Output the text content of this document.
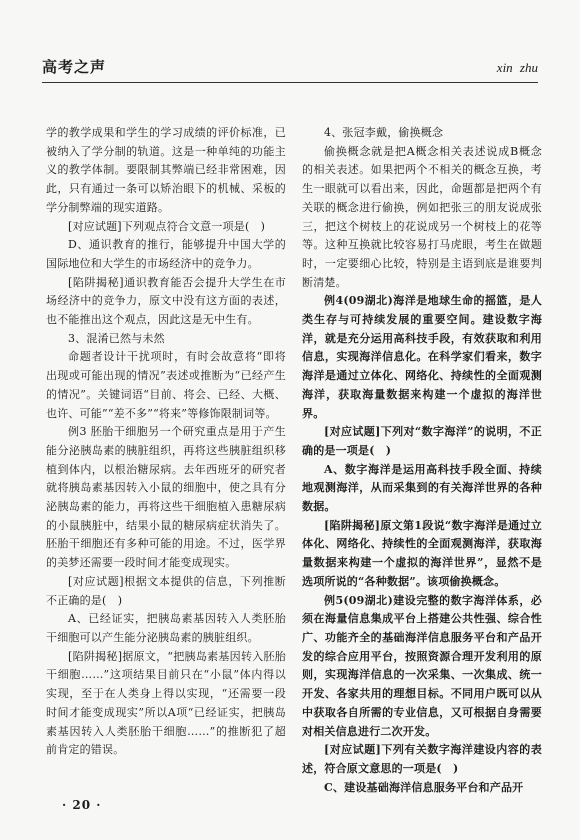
高考之声	xin zhu

学的教学成果和学生的学习成绩的评价标准，已被纳入了学分制的轨道。这是一种单纯的功能主义的教学体制。要限制其弊端已经非常困难，因此，只有通过一条可以矫治眼下的机械、采板的学分制弊端的现实道路。

[对应试题]下列观点符合文意一项是(　)

D、通识教育的推行，能够提升中国大学的国际地位和大学生的市场经济中的竞争力。

[陷阱揭秘]通识教育能否会提升大学生在市场经济中的竞争力，原文中没有这方面的表述，也不能推出这个观点，因此这是无中生有。

3、混淆已然与未然

命题者设计干扰项时，有时会故意将“即将出现或可能出现的情况”表述或推断为“已经产生的情况”。关键词语“目前、将会、已经、大概、也许、可能”“差不多”“将来”等修饰限制词等。

例3 胚胎干细胞另一个研究重点是用于产生能分泌胰岛素的胰脏组织，再将这些胰脏组织移植到体内，以根治糖尿病。去年西班牙的研究者就将胰岛素基因转入小鼠的细胞中，使之具有分泌胰岛素的能力，再将这些干细胞植入患糖尿病的小鼠胰脏中，结果小鼠的糖尿病症状消失了。胚胎干细胞还有多种可能的用途。不过，医学界的美梦还需要一段时间才能变成现实。

[对应试题]根据文本提供的信息，下列推断不正确的是(　)

A、已经证实，把胰岛素基因转入人类胚胎干细胞可以产生能分泌胰岛素的胰脏组织。

[陷阱揭秘]据原文，“把胰岛素基因转入胚胎干细胞……”这项结果目前只在“小鼠”体内得以实现，至于在人类身上得以实现，“还需要一段时间才能变成现实”所以A项“已经证实，把胰岛素基因转入人类胚胎干细胞……”的推断犯了超前肯定的错误。

4、张冠李戴，偷换概念

偷换概念就是把A概念相关表述说成B概念的相关表述。如果把两个不相关的概念互换，考生一眼就可以看出来，因此，命题都是把两个有关联的概念进行偷换，例如把张三的朋友说成张三，把这个树枝上的花说成另一个树枝上的花等等。这种互换就比较容易打马虎眼，考生在做题时，一定要细心比较，特别是主语到底是谁要判断清楚。

例4(09湖北)海洋是地球生命的摇篮，是人类生存与可持续发展的重要空间。建设数字海洋，就是充分运用高科技手段，有效获取和利用信息，实现海洋信息化。在科学家们看来，数字海洋是通过立体化、网络化、持续性的全面观测海洋，获取海量数据来构建一个虚拟的海洋世界。

[对应试题]下列对“数字海洋”的说明，不正确的是一项是(　)

A、数字海洋是运用高科技手段全面、持续地观测海洋，从而采集到的有关海洋世界的各种数据。

[陷阱揭秘]原文第1段说“数字海洋是通过立体化、网络化、持续性的全面观测海洋，获取海量数据来构建一个虚拟的海洋世界”，显然不是选项所说的“各种数据”。该项偷换概念。

例5(09湖北)建设完整的数字海洋体系，必须在海量信息集成平台上搭建公共性强、综合性广、功能齐全的基础海洋信息服务平台和产品开发的综合应用平台，按照资源合理开发利用的原则，实现海洋信息的一次采集、一次集成、统一开发、各家共用的理想目标。不同用户既可以从中获取各自所需的专业信息，又可根据自身需要对相关信息进行二次开发。

[对应试题]下列有关数字海洋建设内容的表述，符合原文意思的一项是(　)

C、建设基础海洋信息服务平台和产品开

· 20 ·
